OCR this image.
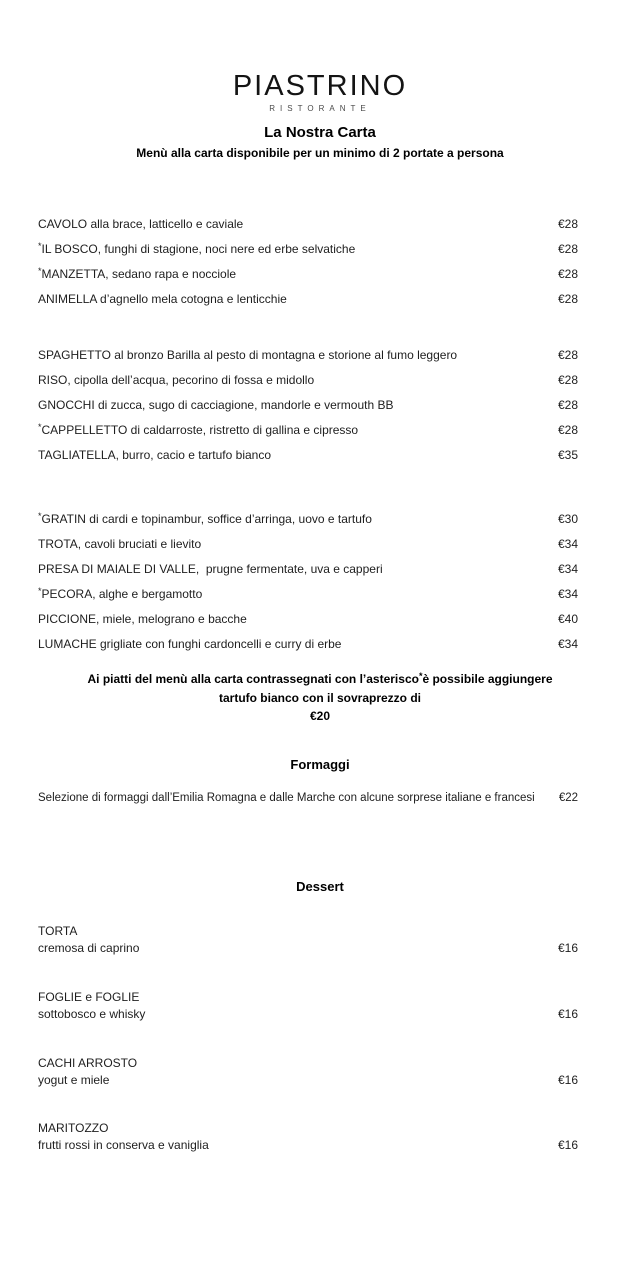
PIASTRINO
RISTORANTE
La Nostra Carta
Menù alla carta disponibile per un minimo di 2 portate a persona
CAVOLO alla brace, latticello e caviale	€28
*IL BOSCO, funghi di stagione, noci nere ed erbe selvatiche	€28
*MANZETTA, sedano rapa e nocciole	€28
ANIMELLA d’agnello mela cotogna e lenticchie	€28
SPAGHETTO al bronzo Barilla al pesto di montagna e storione al fumo leggero	€28
RISO, cipolla dell’acqua, pecorino di fossa e midollo	€28
GNOCCHI di zucca, sugo di cacciagione, mandorle e vermouth BB	€28
*CAPPELLETTO di caldarroste, ristretto di gallina e cipresso	€28
TAGLIATELLA, burro, cacio e tartufo bianco	€35
*GRATIN di cardi e topinambur, soffice d’arringa, uovo e tartufo	€30
TROTA, cavoli bruciati e lievito	€34
PRESA DI MAIALE DI VALLE,  prugne fermentate, uva e capperi	€34
*PECORA, alghe e bergamotto	€34
PICCIONE, miele, melograno e bacche	€40
LUMACHE grigliate con funghi cardoncelli e curry di erbe	€34
Ai piatti del menù alla carta contrassegnati con l’asterisco*è possibile aggiungere
tartufo bianco con il sovraprezzo di
€20
Formaggi
Selezione di formaggi dall’Emilia Romagna e dalle Marche con alcune sorprese italiane e francesi	€22
Dessert
TORTA
cremosa di caprino	€16
FOGLIE e FOGLIE
sottobosco e whisky	€16
CACHI ARROSTO
yogut e miele	€16
MARITOZZO
frutti rossi in conserva e vaniglia	€16
